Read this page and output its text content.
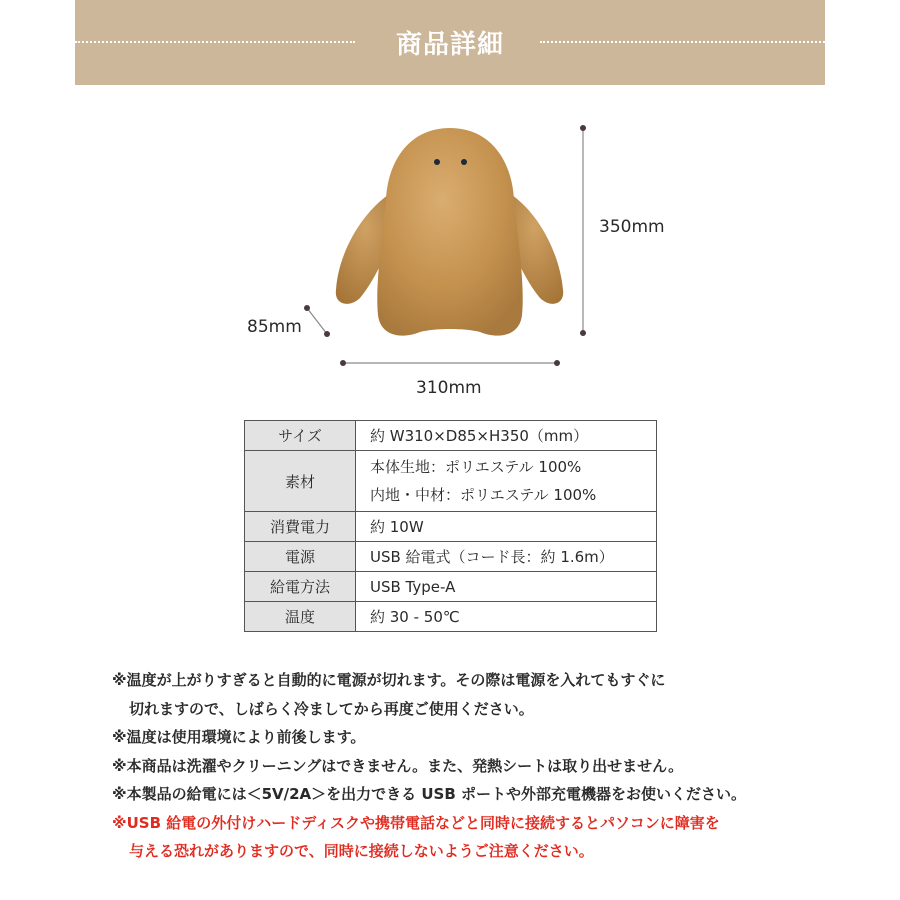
商品詳細
350mm
85mm
310mm
サイズ	約 W310×D85×H350（mm）

素材	本体生地：ポリエステル 100%
内地・中材：ポリエステル 100%

消費電力	約 10W

電源	USB 給電式（コード長：約 1.6m）

給電方法	USB Type-A

温度	約 30 - 50℃
※温度が上がりすぎると自動的に電源が切れます。その際は電源を入れてもすぐに
切れますので、しばらく冷ましてから再度ご使用ください。
※温度は使用環境により前後します。
※本商品は洗濯やクリーニングはできません。また、発熱シートは取り出せません。
※本製品の給電には＜5V/2A＞を出力できる USB ポートや外部充電機器をお使いください。
※USB 給電の外付けハードディスクや携帯電話などと同時に接続するとパソコンに障害を
与える恐れがありますので、同時に接続しないようご注意ください。
